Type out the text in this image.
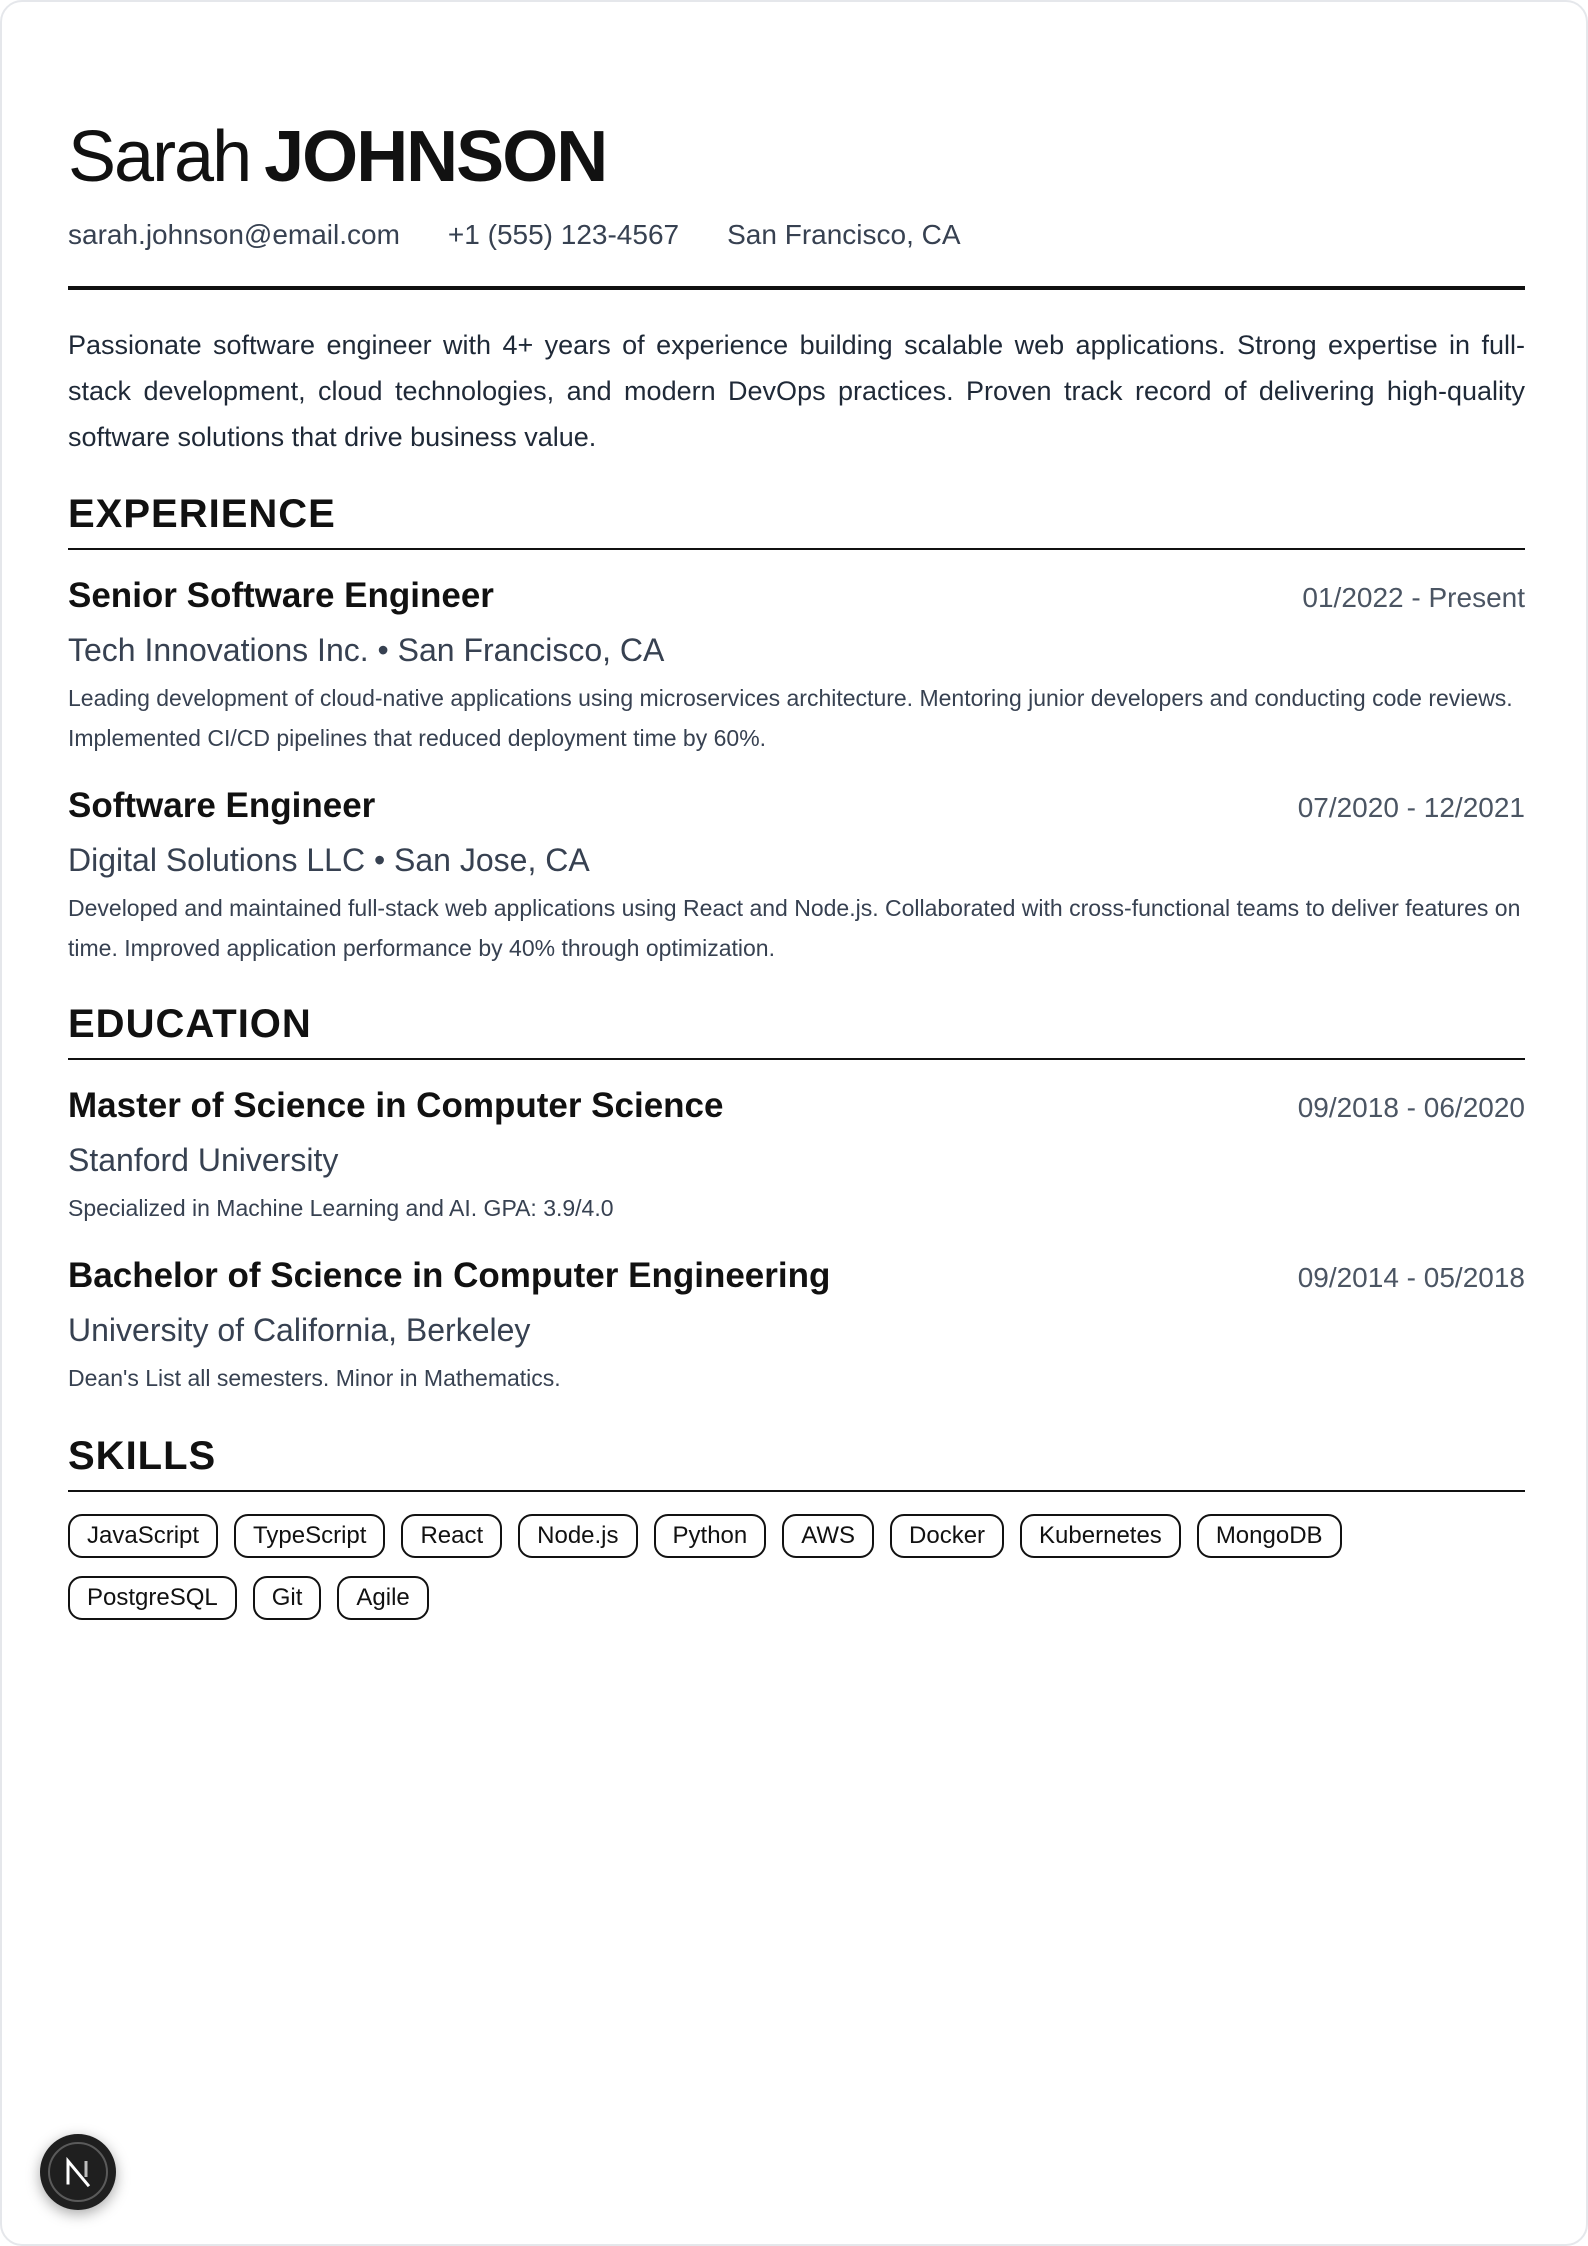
Sarah JOHNSON
sarah.johnson@email.com +1 (555) 123-4567 San Francisco, CA

Passionate software engineer with 4+ years of experience building scalable web applications. Strong expertise in full-stack development, cloud technologies, and modern DevOps practices. Proven track record of delivering high-quality software solutions that drive business value.

EXPERIENCE
Senior Software Engineer	01/2022 - Present
Tech Innovations Inc. • San Francisco, CA
Leading development of cloud-native applications using microservices architecture. Mentoring junior developers and conducting code reviews. Implemented CI/CD pipelines that reduced deployment time by 60%.
Software Engineer	07/2020 - 12/2021
Digital Solutions LLC • San Jose, CA
Developed and maintained full-stack web applications using React and Node.js. Collaborated with cross-functional teams to deliver features on time. Improved application performance by 40% through optimization.
EDUCATION
Master of Science in Computer Science	09/2018 - 06/2020
Stanford University
Specialized in Machine Learning and AI. GPA: 3.9/4.0
Bachelor of Science in Computer Engineering	09/2014 - 05/2018
University of California, Berkeley
Dean's List all semesters. Minor in Mathematics.
SKILLS
JavaScript	TypeScript	React	Node.js	Python	AWS	Docker	Kubernetes	MongoDB
PostgreSQL	Git	Agile
